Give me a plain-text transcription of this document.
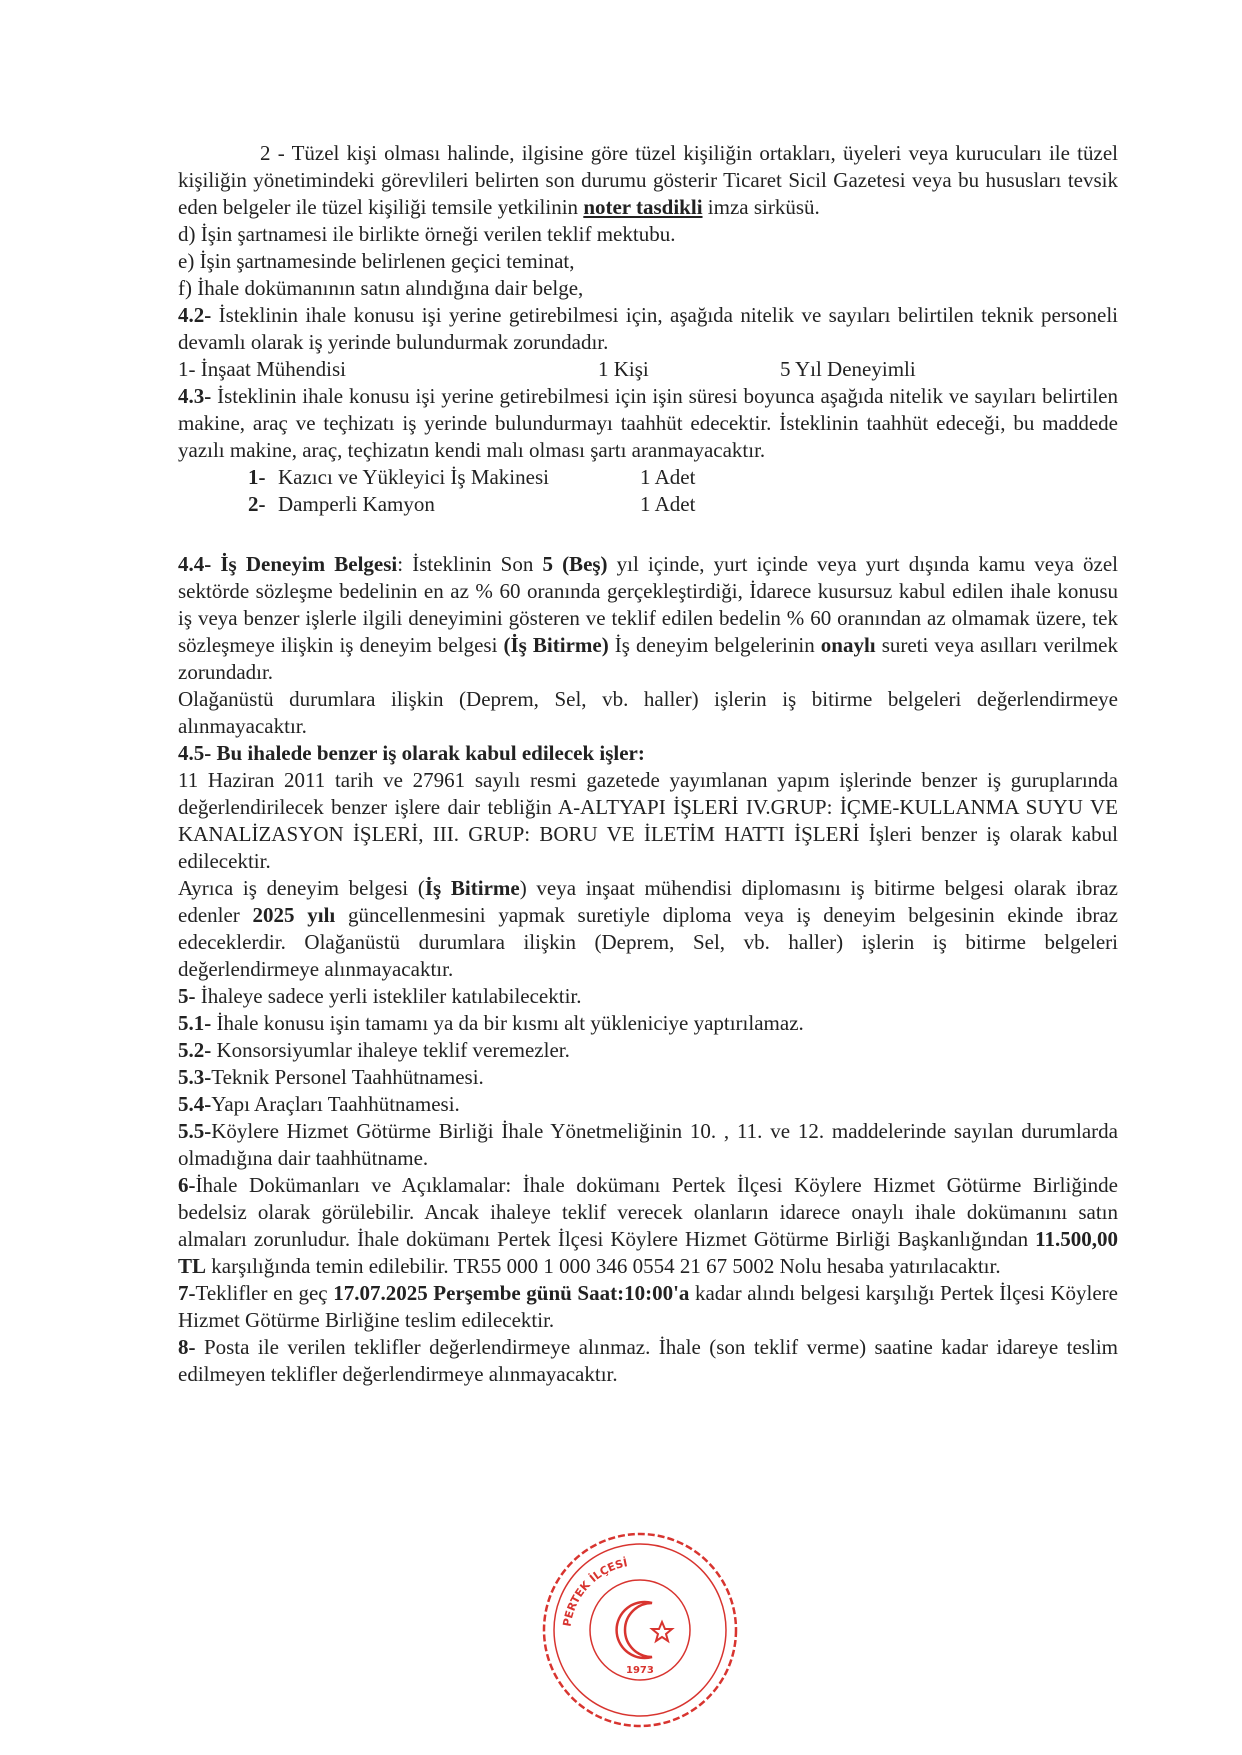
2 - Tüzel kişi olması halinde, ilgisine göre tüzel kişiliğin ortakları, üyeleri veya kurucuları ile tüzel kişiliğin yönetimindeki görevlileri belirten son durumu gösterir Ticaret Sicil Gazetesi veya bu hususları tevsik eden belgeler ile tüzel kişiliği temsile yetkilinin noter tasdikli imza sirküsü.

d) İşin şartnamesi ile birlikte örneği verilen teklif mektubu.

e) İşin şartnamesinde belirlenen geçici teminat,

f) İhale dokümanının satın alındığına dair belge,

4.2- İsteklinin ihale konusu işi yerine getirebilmesi için, aşağıda nitelik ve sayıları belirtilen teknik personeli devamlı olarak iş yerinde bulundurmak zorundadır.

1- İnşaat Mühendisi	1 Kişi	5 Yıl Deneyimli

4.3- İsteklinin ihale konusu işi yerine getirebilmesi için işin süresi boyunca aşağıda nitelik ve sayıları belirtilen makine, araç ve teçhizatı iş yerinde bulundurmayı taahhüt edecektir. İsteklinin taahhüt edeceği, bu maddede yazılı makine, araç, teçhizatın kendi malı olması şartı aranmayacaktır.

1- Kazıcı ve Yükleyici İş Makinesi	1 Adet
2- Damperli Kamyon	1 Adet

4.4- İş Deneyim Belgesi: İsteklinin Son 5 (Beş) yıl içinde, yurt içinde veya yurt dışında kamu veya özel sektörde sözleşme bedelinin en az % 60 oranında gerçekleştirdiği, İdarece kusursuz kabul edilen ihale konusu iş veya benzer işlerle ilgili deneyimini gösteren ve teklif edilen bedelin % 60 oranından az olmamak üzere, tek sözleşmeye ilişkin iş deneyim belgesi (İş Bitirme) İş deneyim belgelerinin onaylı sureti veya asılları verilmek zorundadır.

Olağanüstü durumlara ilişkin (Deprem, Sel, vb. haller) işlerin iş bitirme belgeleri değerlendirmeye alınmayacaktır.

4.5- Bu ihalede benzer iş olarak kabul edilecek işler:

11 Haziran 2011 tarih ve 27961 sayılı resmi gazetede yayımlanan yapım işlerinde benzer iş guruplarında değerlendirilecek benzer işlere dair tebliğin A-ALTYAPI İŞLERİ IV.GRUP: İÇME-KULLANMA SUYU VE KANALİZASYON İŞLERİ, III. GRUP: BORU VE İLETİM HATTI İŞLERİ İşleri benzer iş olarak kabul edilecektir.

Ayrıca iş deneyim belgesi (İş Bitirme) veya inşaat mühendisi diplomasını iş bitirme belgesi olarak ibraz edenler 2025 yılı güncellenmesini yapmak suretiyle diploma veya iş deneyim belgesinin ekinde ibraz edeceklerdir. Olağanüstü durumlara ilişkin (Deprem, Sel, vb. haller) işlerin iş bitirme belgeleri değerlendirmeye alınmayacaktır.

5- İhaleye sadece yerli istekliler katılabilecektir.

5.1- İhale konusu işin tamamı ya da bir kısmı alt yükleniciye yaptırılamaz.

5.2- Konsorsiyumlar ihaleye teklif veremezler.

5.3-Teknik Personel Taahhütnamesi.

5.4-Yapı Araçları Taahhütnamesi.

5.5-Köylere Hizmet Götürme Birliği İhale Yönetmeliğinin 10. , 11. ve 12. maddelerinde sayılan durumlarda olmadığına dair taahhütname.

6-İhale Dokümanları ve Açıklamalar: İhale dokümanı Pertek İlçesi Köylere Hizmet Götürme Birliğinde bedelsiz olarak görülebilir. Ancak ihaleye teklif verecek olanların idarece onaylı ihale dokümanını satın almaları zorunludur. İhale dokümanı Pertek İlçesi Köylere Hizmet Götürme Birliği Başkanlığından 11.500,00 TL karşılığında temin edilebilir. TR55 000 1 000 346 0554 21 67 5002 Nolu hesaba yatırılacaktır.

7-Teklifler en geç 17.07.2025 Perşembe günü Saat:10:00'a kadar alındı belgesi karşılığı Pertek İlçesi Köylere Hizmet Götürme Birliğine teslim edilecektir.

8- Posta ile verilen teklifler değerlendirmeye alınmaz. İhale (son teklif verme) saatine kadar idareye teslim edilmeyen teklifler değerlendirmeye alınmayacaktır.

PERTEK İLÇESİ
1973
